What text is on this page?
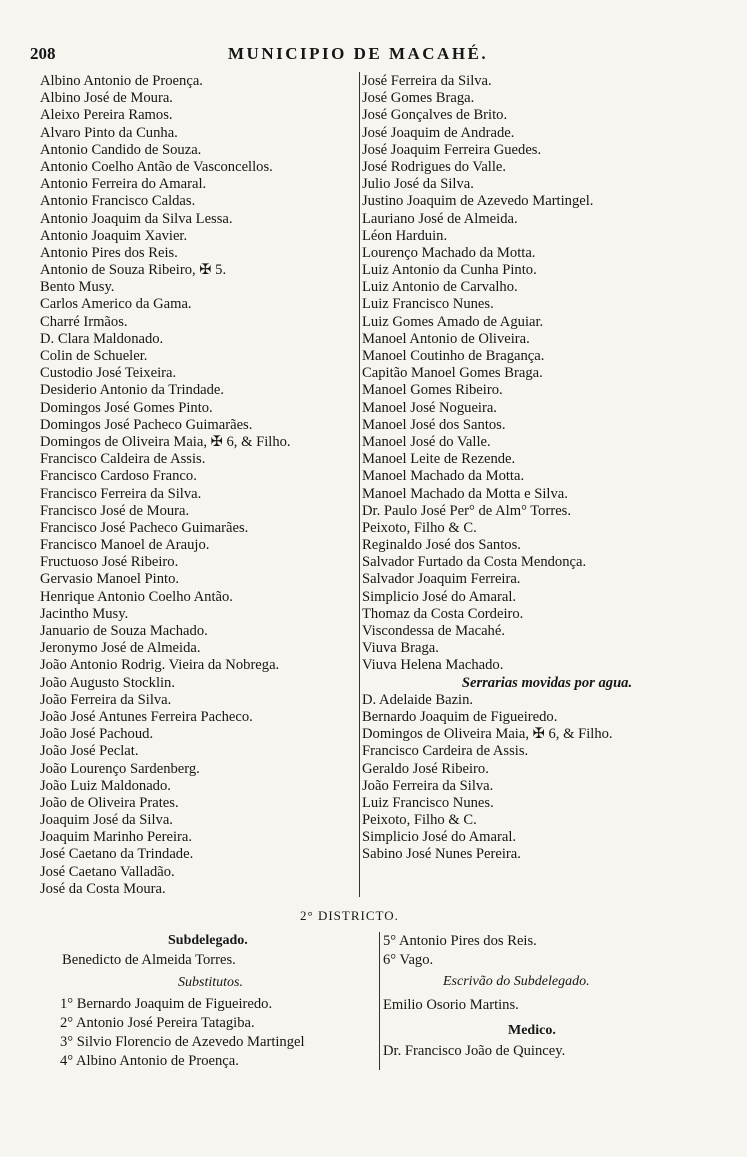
208	MUNICIPIO DE MACAHÉ.
Albino Antonio de Proença.
Albino José de Moura.
Aleixo Pereira Ramos.
Alvaro Pinto da Cunha.
Antonio Candido de Souza.
Antonio Coelho Antão de Vasconcellos.
Antonio Ferreira do Amaral.
Antonio Francisco Caldas.
Antonio Joaquim da Silva Lessa.
Antonio Joaquim Xavier.
Antonio Pires dos Reis.
Antonio de Souza Ribeiro, ✠ 5.
Bento Musy.
Carlos Americo da Gama.
Charré Irmãos.
D. Clara Maldonado.
Colin de Schueler.
Custodio José Teixeira.
Desiderio Antonio da Trindade.
Domingos José Gomes Pinto.
Domingos José Pacheco Guimarães.
Domingos de Oliveira Maia, ✠ 6, & Filho.
Francisco Caldeira de Assis.
Francisco Cardoso Franco.
Francisco Ferreira da Silva.
Francisco José de Moura.
Francisco José Pacheco Guimarães.
Francisco Manoel de Araujo.
Fructuoso José Ribeiro.
Gervasio Manoel Pinto.
Henrique Antonio Coelho Antão.
Jacintho Musy.
Januario de Souza Machado.
Jeronymo José de Almeida.
João Antonio Rodrig. Vieira da Nobrega.
João Augusto Stocklin.
João Ferreira da Silva.
João José Antunes Ferreira Pacheco.
João José Pachoud.
João José Peclat.
João Lourenço Sardenberg.
João Luiz Maldonado.
João de Oliveira Prates.
Joaquim José da Silva.
Joaquim Marinho Pereira.
José Caetano da Trindade.
José Caetano Valladão.
José da Costa Moura.
José Ferreira da Silva.
José Gomes Braga.
José Gonçalves de Brito.
José Joaquim de Andrade.
José Joaquim Ferreira Guedes.
José Rodrigues do Valle.
Julio José da Silva.
Justino Joaquim de Azevedo Martingel.
Lauriano José de Almeida.
Léon Harduin.
Lourenço Machado da Motta.
Luiz Antonio da Cunha Pinto.
Luiz Antonio de Carvalho.
Luiz Francisco Nunes.
Luiz Gomes Amado de Aguiar.
Manoel Antonio de Oliveira.
Manoel Coutinho de Bragança.
Capitão Manoel Gomes Braga.
Manoel Gomes Ribeiro.
Manoel José Nogueira.
Manoel José dos Santos.
Manoel José do Valle.
Manoel Leite de Rezende.
Manoel Machado da Motta.
Manoel Machado da Motta e Silva.
Dr. Paulo José Per° de Alm° Torres.
Peixoto, Filho & C.
Reginaldo José dos Santos.
Salvador Furtado da Costa Mendonça.
Salvador Joaquim Ferreira.
Simplicio José do Amaral.
Thomaz da Costa Cordeiro.
Viscondessa de Macahé.
Viuva Braga.
Viuva Helena Machado.
Serrarias movidas por agua.
D. Adelaide Bazin.
Bernardo Joaquim de Figueiredo.
Domingos de Oliveira Maia, ✠ 6, & Filho.
Francisco Cardeira de Assis.
Geraldo José Ribeiro.
João Ferreira da Silva.
Luiz Francisco Nunes.
Peixoto, Filho & C.
Simplicio José do Amaral.
Sabino José Nunes Pereira.
2° DISTRICTO.
Subdelegado.
Benedicto de Almeida Torres.
Substitutos.
1° Bernardo Joaquim de Figueiredo.
2° Antonio José Pereira Tatagiba.
3° Silvio Florencio de Azevedo Martingel
4° Albino Antonio de Proença.
5° Antonio Pires dos Reis.
6° Vago.
Escrivão do Subdelegado.
Emilio Osorio Martins.
Medico.
Dr. Francisco João de Quincey.
